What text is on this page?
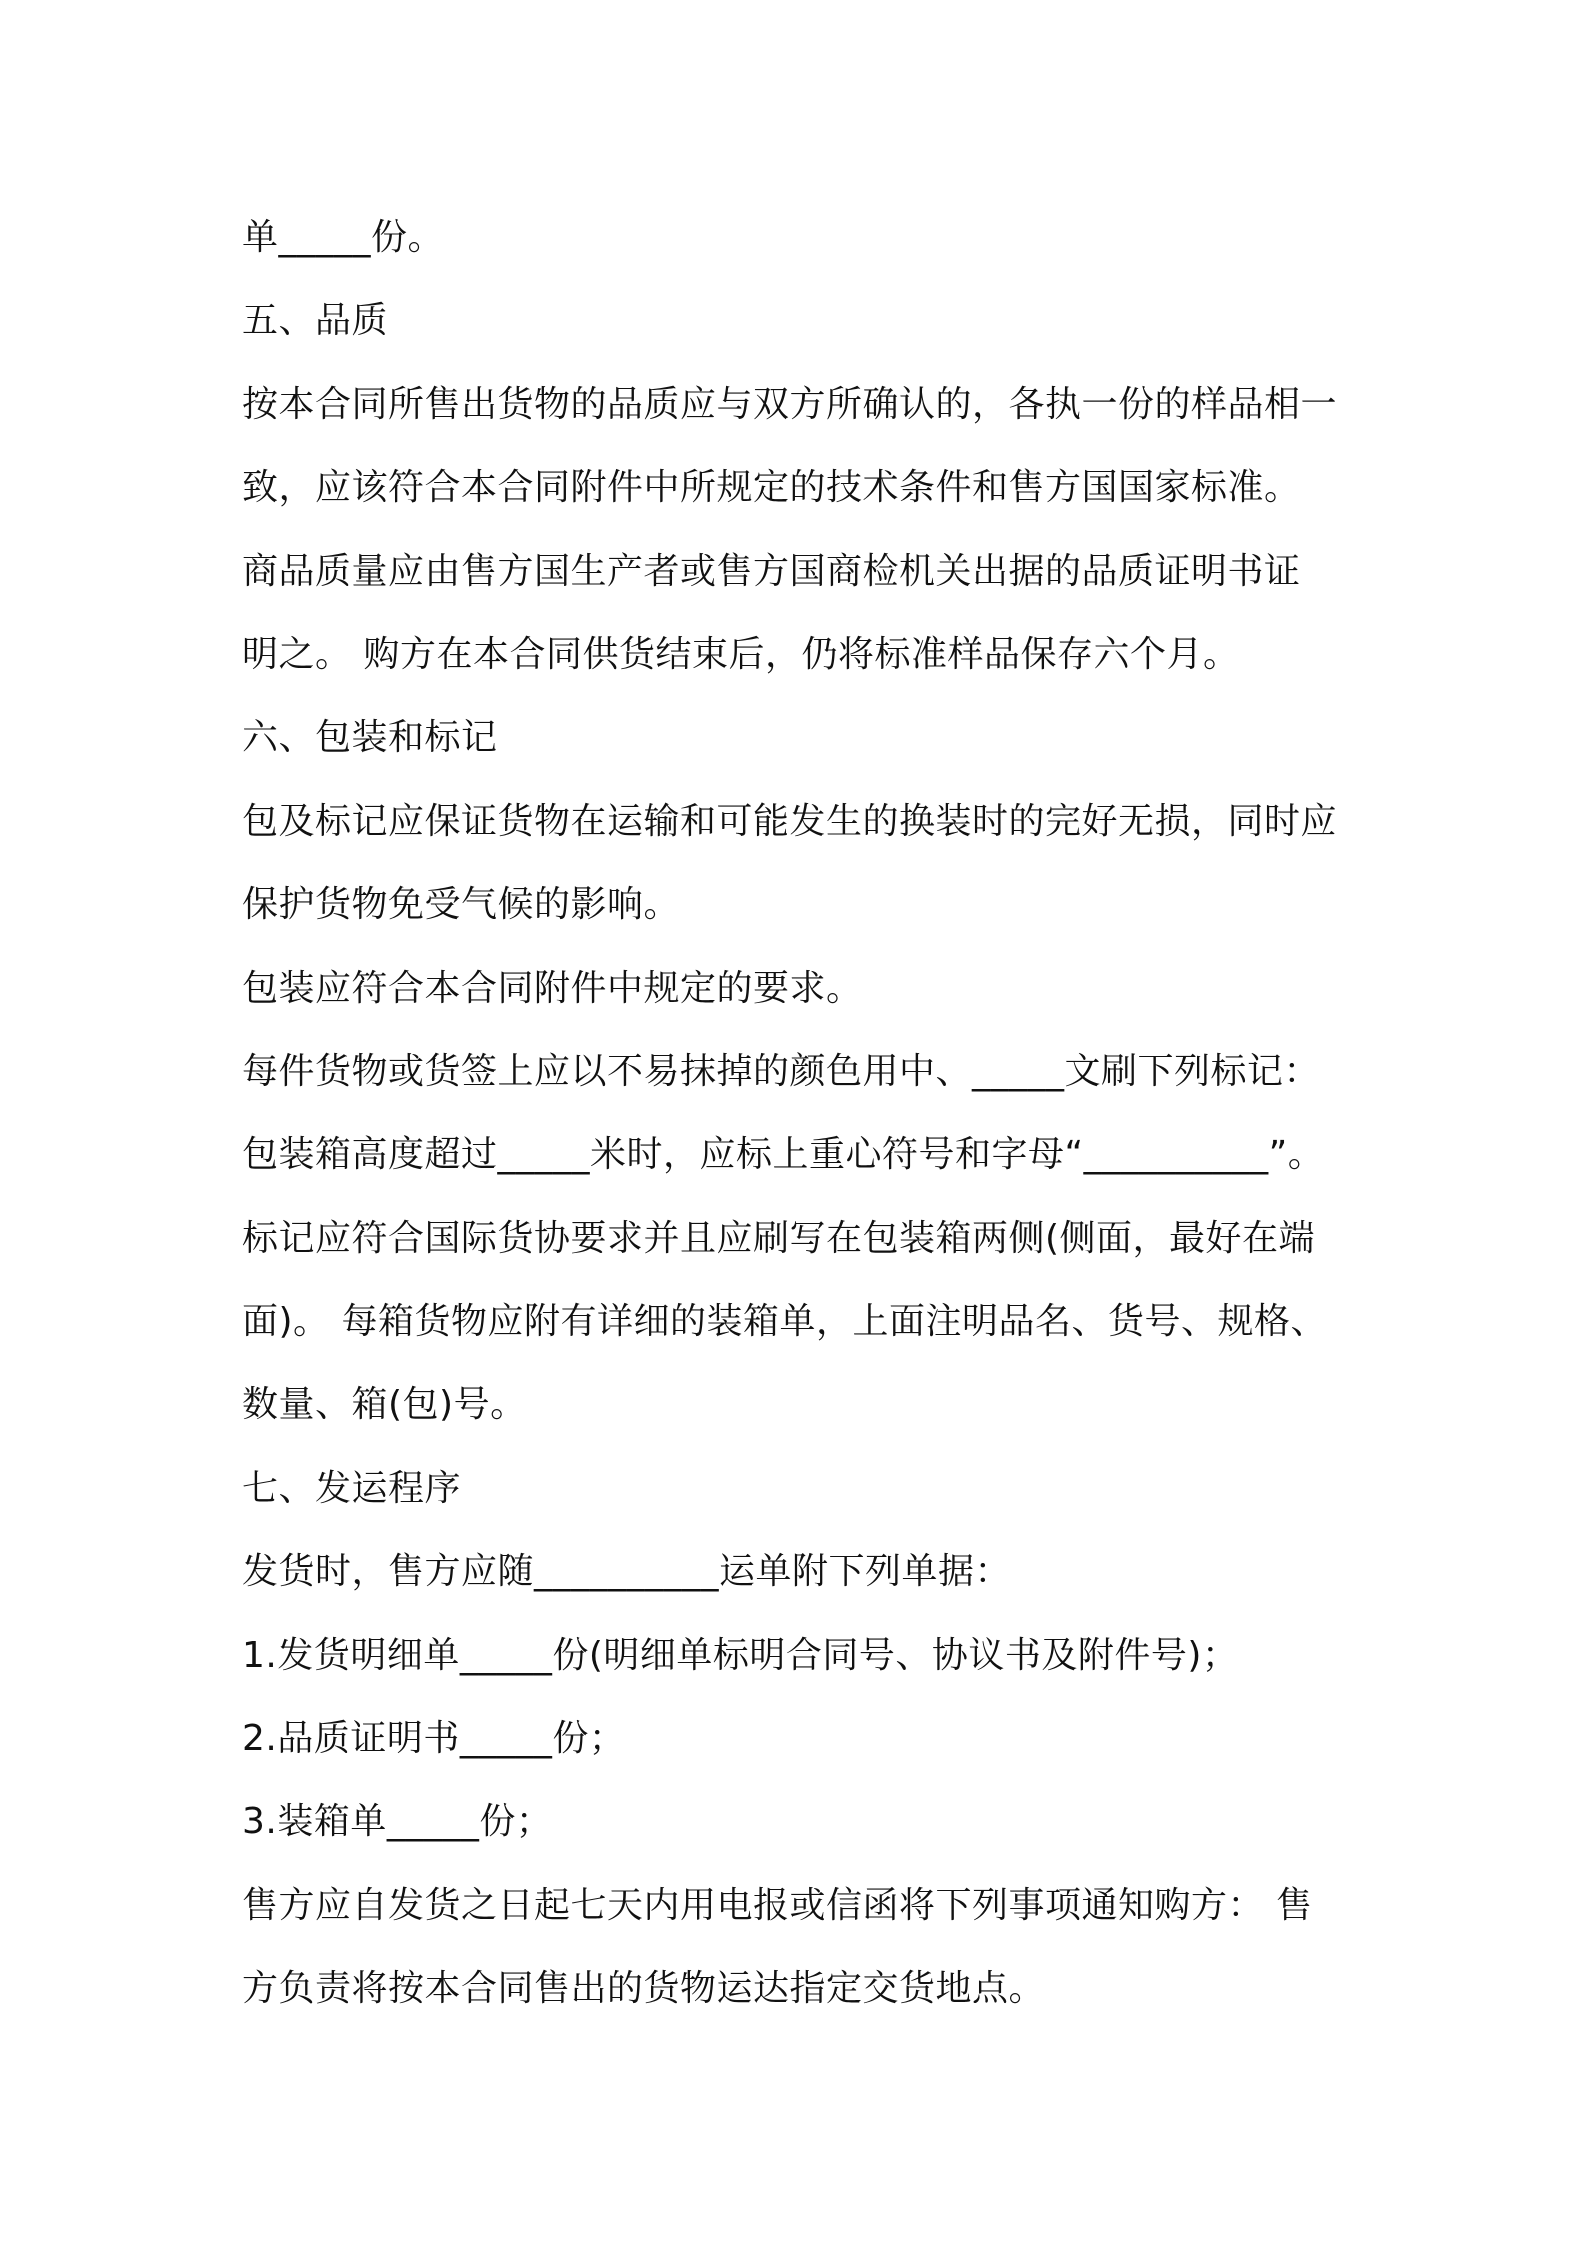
单_____份。
五、品质
按本合同所售出货物的品质应与双方所确认的，各执一份的样品相一
致，应该符合本合同附件中所规定的技术条件和售方国国家标准。
商品质量应由售方国生产者或售方国商检机关出据的品质证明书证
明之。 购方在本合同供货结束后，仍将标准样品保存六个月。
六、包装和标记
包及标记应保证货物在运输和可能发生的换装时的完好无损，同时应
保护货物免受气候的影响。
包装应符合本合同附件中规定的要求。
每件货物或货签上应以不易抹掉的颜色用中、_____文刷下列标记：
包装箱高度超过_____米时，应标上重心符号和字母“__________”。
标记应符合国际货协要求并且应刷写在包装箱两侧(侧面，最好在端
面)。 每箱货物应附有详细的装箱单，上面注明品名、货号、规格、
数量、箱(包)号。
七、发运程序
发货时，售方应随__________运单附下列单据：
1.发货明细单_____份(明细单标明合同号、协议书及附件号)；
2.品质证明书_____份；
3.装箱单_____份；
售方应自发货之日起七天内用电报或信函将下列事项通知购方： 售
方负责将按本合同售出的货物运达指定交货地点。
